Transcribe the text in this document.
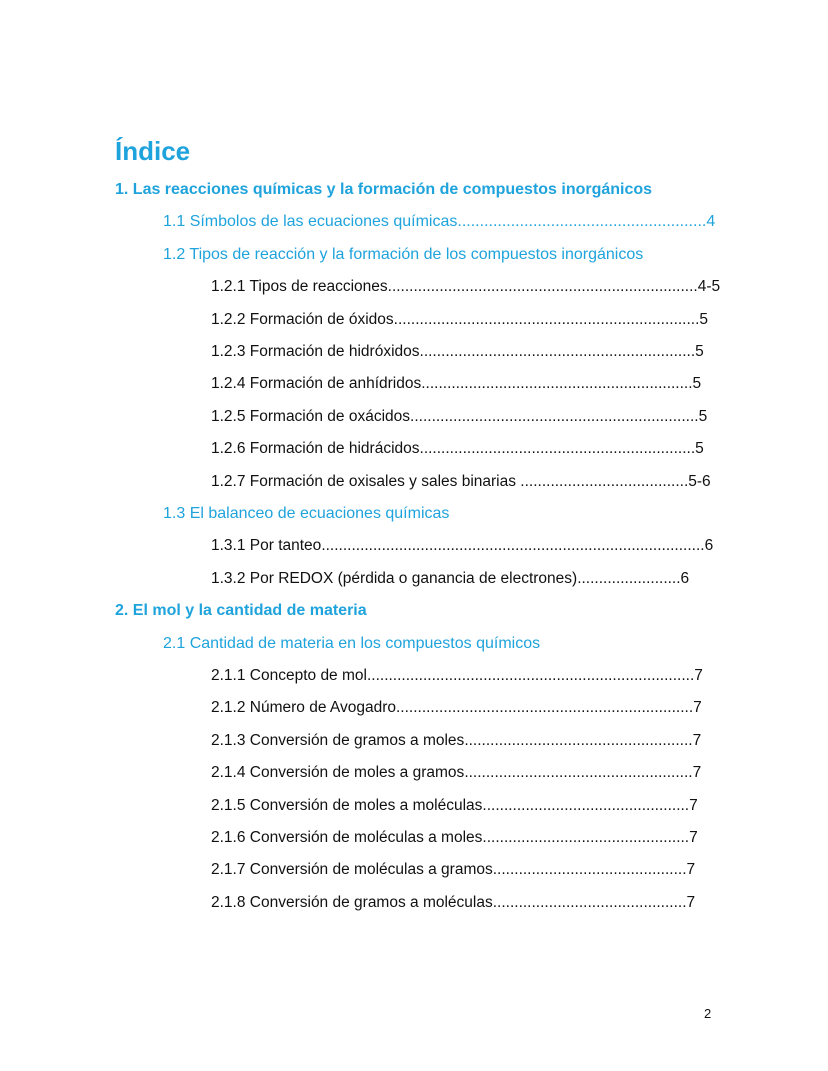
Índice
1. Las reacciones químicas y la formación de compuestos inorgánicos
1.1 Símbolos de las ecuaciones químicas........................................................4
1.2 Tipos de reacción y la formación de los compuestos inorgánicos
1.2.1 Tipos de reacciones........................................................................4-5
1.2.2 Formación de óxidos.......................................................................5
1.2.3 Formación de hidróxidos................................................................5
1.2.4 Formación de anhídridos...............................................................5
1.2.5 Formación de oxácidos...................................................................5
1.2.6 Formación de hidrácidos................................................................5
1.2.7 Formación de oxisales y sales binarias .......................................5-6
1.3 El balanceo de ecuaciones químicas
1.3.1 Por tanteo.........................................................................................6
1.3.2 Por REDOX (pérdida o ganancia de electrones)........................6
2. El mol y la cantidad de materia
2.1 Cantidad de materia en los compuestos químicos
2.1.1 Concepto de mol............................................................................7
2.1.2 Número de Avogadro.....................................................................7
2.1.3 Conversión de gramos a moles.....................................................7
2.1.4 Conversión de moles a gramos.....................................................7
2.1.5 Conversión de moles a moléculas................................................7
2.1.6 Conversión de moléculas a moles................................................7
2.1.7 Conversión de moléculas a gramos.............................................7
2.1.8 Conversión de gramos a moléculas.............................................7
2
